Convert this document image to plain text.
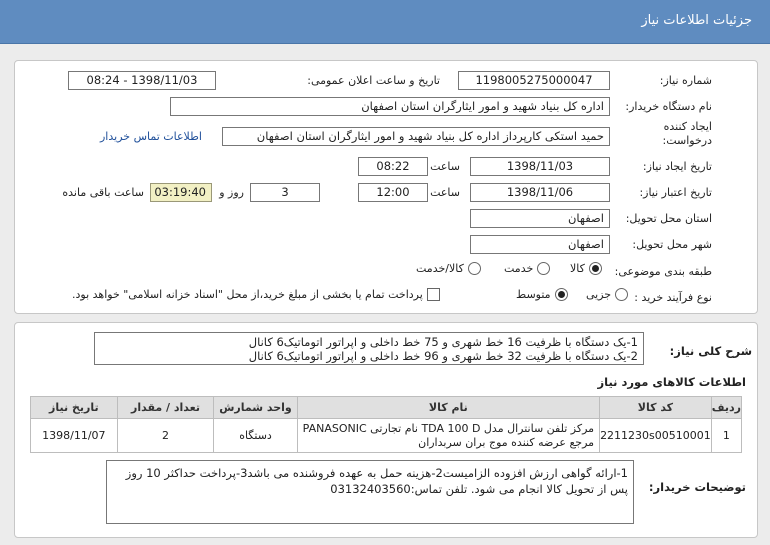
جزئیات اطلاعات نیاز
شماره نیاز:
1198005275000047
تاریخ و ساعت اعلان عمومی:
1398/11/03 - 08:24
نام دستگاه خریدار:
اداره کل بنیاد شهید و امور ایثارگران استان اصفهان
ایجاد کننده
درخواست:
حمید استکی کارپرداز اداره کل بنیاد شهید و امور ایثارگران استان اصفهان
اطلاعات تماس خریدار
تاریخ ایجاد نیاز:
1398/11/03
ساعت
08:22
تاریخ اعتبار نیاز:
1398/11/06
ساعت
12:00
3
روز و
03:19:40
ساعت باقی مانده
استان محل تحویل:
اصفهان
شهر محل تحویل:
اصفهان
طبقه بندی موضوعی:
کالا
خدمت
کالا/خدمت
نوع فرآیند خرید :
جزیی
متوسط
پرداخت تمام یا بخشی از مبلغ خرید،از محل "اسناد خزانه اسلامی" خواهد بود.
شرح کلی نیاز:
1-یک دستگاه با ظرفیت 16 خط شهری و 75 خط داخلی و اپراتور اتوماتیک6 کانال
2-یک دستگاه با ظرفیت 32 خط شهری و 96 خط داخلی و اپراتور اتوماتیک6 کانال
اطلاعات کالاهای مورد نیاز
ردیف	کد کالا	نام کالا	واحد شمارش	تعداد / مقدار	تاریخ نیاز
1	2211230s00510001	مرکز تلفن سانترال مدل TDA 100 D نام تجارتی PANASONIC
مرجع عرضه کننده موج بران سربداران	دستگاه	2	1398/11/07
توضیحات خریدار:
1-ارائه گواهی ارزش افزوده الزامیست2-هزینه حمل به عهده فروشنده می باشد3-پرداخت حداکثر 10 روز
پس از تحویل کالا انجام می شود. تلفن تماس:03132403560
